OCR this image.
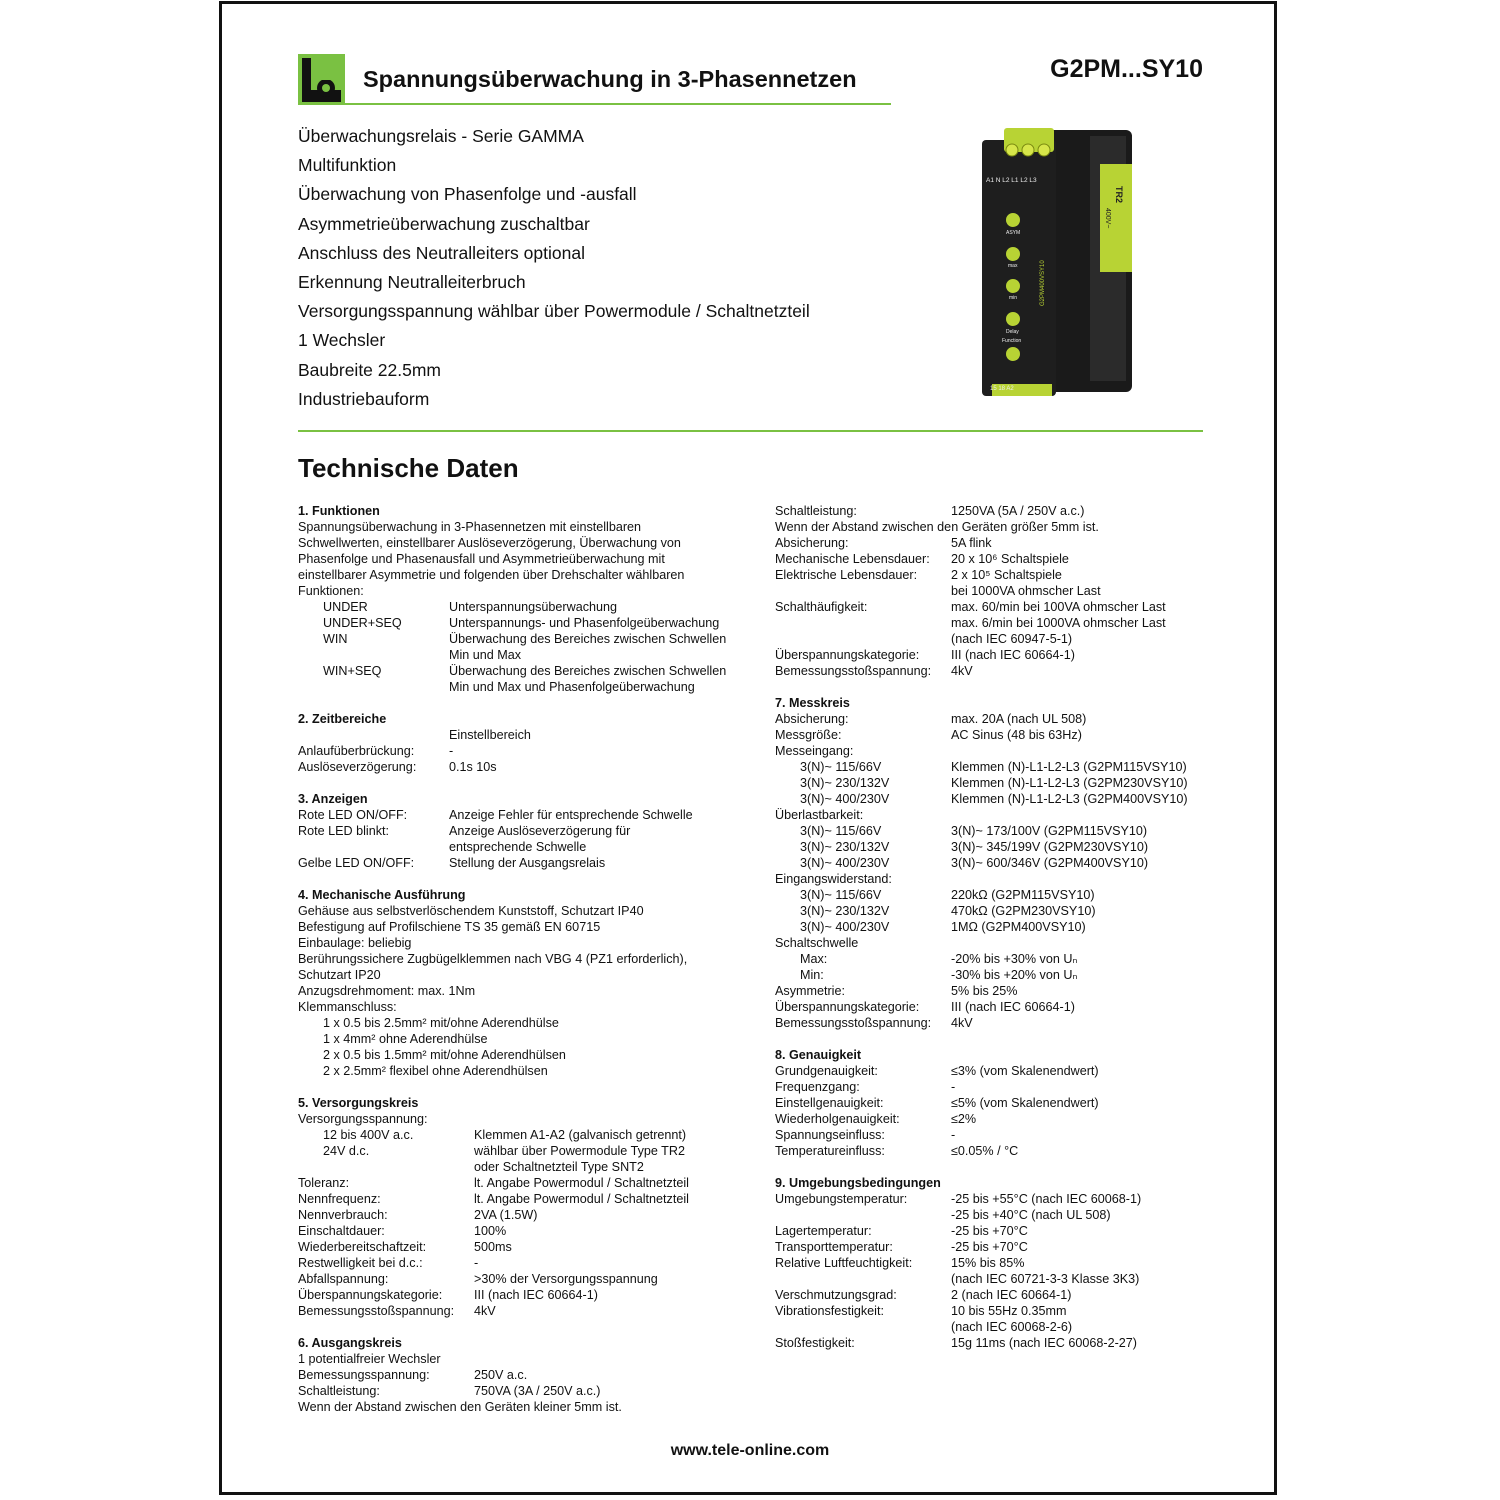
Spannungsüberwachung in 3-Phasennetzen	G2PM...SY10
Überwachungsrelais - Serie GAMMA
Multifunktion
Überwachung von Phasenfolge und -ausfall
Asymmetrieüberwachung zuschaltbar
Anschluss des Neutralleiters optional
Erkennung Neutralleiterbruch
Versorgungsspannung wählbar über Powermodule / Schaltnetzteil
1 Wechsler
Baubreite 22.5mm
Industriebauform
TR2
400V~
A1 N L2 L1 L2 L3
ASYM
max
min
Delay
Function
G2PM400VSY10
15 18 A2
Technische Daten
1. Funktionen
Spannungsüberwachung in 3-Phasennetzen mit einstellbaren
Schwellwerten, einstellbarer Auslöseverzögerung, Überwachung von
Phasenfolge und Phasenausfall und Asymmetrieüberwachung mit
einstellbarer Asymmetrie und folgenden über Drehschalter wählbaren
Funktionen:
UNDER	Unterspannungsüberwachung
UNDER+SEQ	Unterspannungs- und Phasenfolgeüberwachung
WIN	Überwachung des Bereiches zwischen Schwellen
Min und Max
WIN+SEQ	Überwachung des Bereiches zwischen Schwellen
Min und Max und Phasenfolgeüberwachung
2. Zeitbereiche
Einstellbereich
Anlaufüberbrückung:	-
Auslöseverzögerung:	0.1s 10s
3. Anzeigen
Rote LED ON/OFF:	Anzeige Fehler für entsprechende Schwelle
Rote LED blinkt:	Anzeige Auslöseverzögerung für
entsprechende Schwelle
Gelbe LED ON/OFF:	Stellung der Ausgangsrelais
4. Mechanische Ausführung
Gehäuse aus selbstverlöschendem Kunststoff, Schutzart IP40
Befestigung auf Profilschiene TS 35 gemäß EN 60715
Einbaulage: beliebig
Berührungssichere Zugbügelklemmen nach VBG 4 (PZ1 erforderlich),
Schutzart IP20
Anzugsdrehmoment: max. 1Nm
Klemmanschluss:
1 x 0.5 bis 2.5mm² mit/ohne Aderendhülse
1 x 4mm² ohne Aderendhülse
2 x 0.5 bis 1.5mm² mit/ohne Aderendhülsen
2 x 2.5mm² flexibel ohne Aderendhülsen
5. Versorgungskreis
Versorgungsspannung:
12 bis 400V a.c.	Klemmen A1-A2 (galvanisch getrennt)
24V d.c.	wählbar über Powermodule Type TR2
oder Schaltnetzteil Type SNT2
Toleranz:	lt. Angabe Powermodul / Schaltnetzteil
Nennfrequenz:	lt. Angabe Powermodul / Schaltnetzteil
Nennverbrauch:	2VA (1.5W)
Einschaltdauer:	100%
Wiederbereitschaftzeit:	500ms
Restwelligkeit bei d.c.:	-
Abfallspannung:	>30% der Versorgungsspannung
Überspannungskategorie:	III (nach IEC 60664-1)
Bemessungsstoßspannung:	4kV
6. Ausgangskreis
1 potentialfreier Wechsler
Bemessungsspannung:	250V a.c.
Schaltleistung:	750VA (3A / 250V a.c.)
Wenn der Abstand zwischen den Geräten kleiner 5mm ist.
Schaltleistung:	1250VA (5A / 250V a.c.)
Wenn der Abstand zwischen den Geräten größer 5mm ist.
Absicherung:	5A flink
Mechanische Lebensdauer:	20 x 10⁶ Schaltspiele
Elektrische Lebensdauer:	2 x 10⁵ Schaltspiele
bei 1000VA ohmscher Last
Schalthäufigkeit:	max. 60/min bei 100VA ohmscher Last
max. 6/min bei 1000VA ohmscher Last
(nach IEC 60947-5-1)
Überspannungskategorie:	III (nach IEC 60664-1)
Bemessungsstoßspannung:	4kV
7. Messkreis
Absicherung:	max. 20A (nach UL 508)
Messgröße:	AC Sinus (48 bis 63Hz)
Messeingang:
3(N)~ 115/66V	Klemmen (N)-L1-L2-L3 (G2PM115VSY10)
3(N)~ 230/132V	Klemmen (N)-L1-L2-L3 (G2PM230VSY10)
3(N)~ 400/230V	Klemmen (N)-L1-L2-L3 (G2PM400VSY10)
Überlastbarkeit:
3(N)~ 115/66V	3(N)~ 173/100V (G2PM115VSY10)
3(N)~ 230/132V	3(N)~ 345/199V (G2PM230VSY10)
3(N)~ 400/230V	3(N)~ 600/346V (G2PM400VSY10)
Eingangswiderstand:
3(N)~ 115/66V	220kΩ (G2PM115VSY10)
3(N)~ 230/132V	470kΩ (G2PM230VSY10)
3(N)~ 400/230V	1MΩ (G2PM400VSY10)
Schaltschwelle
Max:	-20% bis +30% von Uₙ
Min:	-30% bis +20% von Uₙ
Asymmetrie:	5% bis 25%
Überspannungskategorie:	III (nach IEC 60664-1)
Bemessungsstoßspannung:	4kV
8. Genauigkeit
Grundgenauigkeit:	≤3% (vom Skalenendwert)
Frequenzgang:	-
Einstellgenauigkeit:	≤5% (vom Skalenendwert)
Wiederholgenauigkeit:	≤2%
Spannungseinfluss:	-
Temperatureinfluss:	≤0.05% / °C
9. Umgebungsbedingungen
Umgebungstemperatur:	-25 bis +55°C (nach IEC 60068-1)
-25 bis +40°C (nach UL 508)
Lagertemperatur:	-25 bis +70°C
Transporttemperatur:	-25 bis +70°C
Relative Luftfeuchtigkeit:	15% bis 85%
(nach IEC 60721-3-3 Klasse 3K3)
Verschmutzungsgrad:	2 (nach IEC 60664-1)
Vibrationsfestigkeit:	10 bis 55Hz 0.35mm
(nach IEC 60068-2-6)
Stoßfestigkeit:	15g 11ms (nach IEC 60068-2-27)
www.tele-online.com
